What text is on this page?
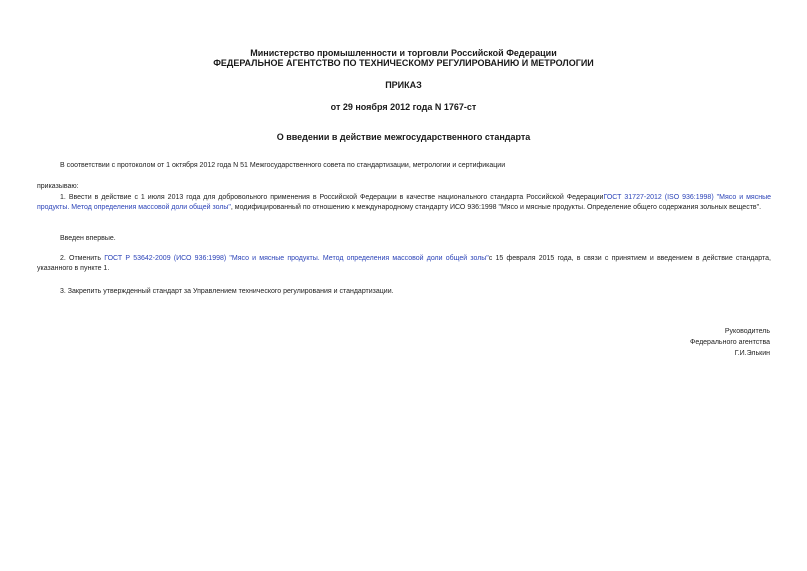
Министерство промышленности и торговли Российской Федерации
ФЕДЕРАЛЬНОЕ АГЕНТСТВО ПО ТЕХНИЧЕСКОМУ РЕГУЛИРОВАНИЮ И МЕТРОЛОГИИ
ПРИКАЗ
от 29 ноября 2012 года N 1767-ст
О введении в действие межгосударственного стандарта
В соответствии с протоколом от 1 октября 2012 года N 51 Межгосударственного совета по стандартизации, метрологии и сертификации
приказываю:
1. Ввести в действие с 1 июля 2013 года для добровольного применения в Российской Федерации в качестве национального стандарта Российской ФедерацииГОСТ 31727-2012 (ISO 936:1998) "Мясо и мясные продукты. Метод определения массовой доли общей золы", модифицированный по отношению к международному стандарту ИСО 936:1998 "Мясо и мясные продукты. Определение общего содержания зольных веществ".
Введен впервые.
2. Отменить ГОСТ Р 53642-2009 (ИСО 936:1998) "Мясо и мясные продукты. Метод определения массовой доли общей золы"с 15 февраля 2015 года, в связи с принятием и введением в действие стандарта, указанного в пункте 1.
3. Закрепить утвержденный стандарт за Управлением технического регулирования и стандартизации.
Руководитель
Федерального агентства
Г.И.Элькин
